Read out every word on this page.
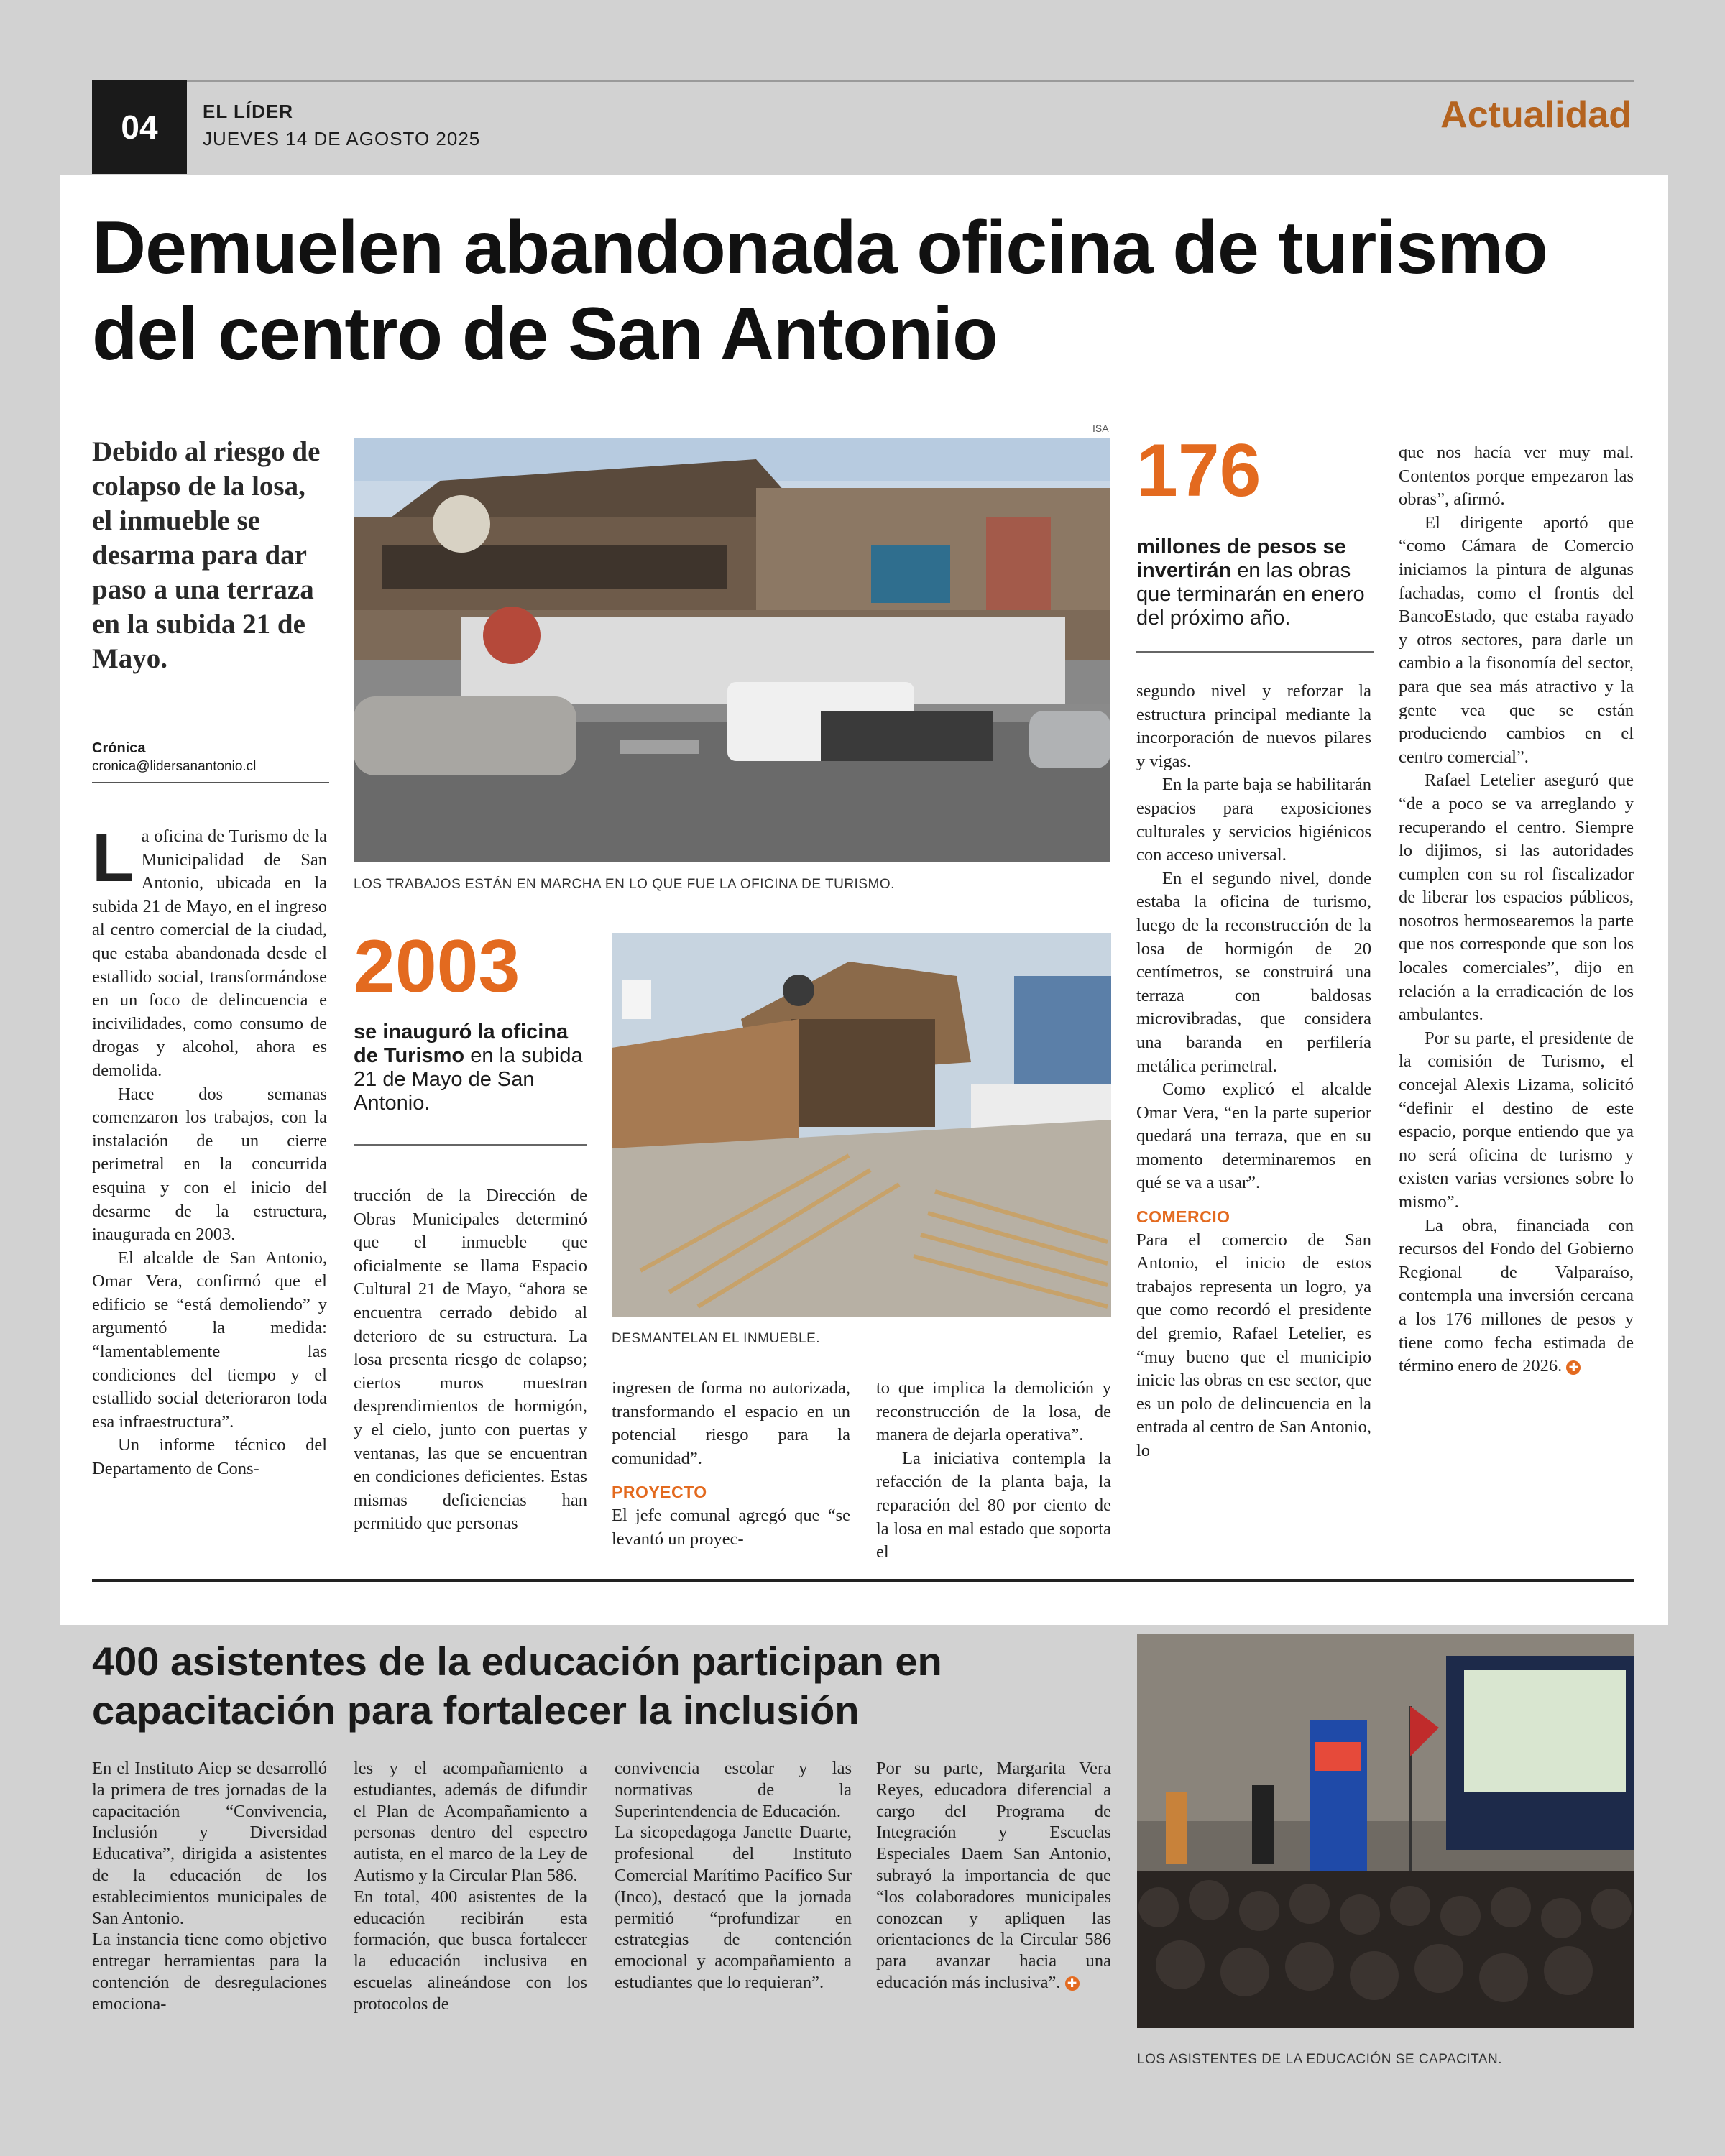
04	EL LÍDER
JUEVES 14 DE AGOSTO 2025
Actualidad
Demuelen abandonada oficina de turismo del centro de San Antonio
Debido al riesgo de colapso de la losa, el inmueble se desarma para dar paso a una terraza en la subida 21 de Mayo.
Crónica
cronica@lidersanantonio.cl
ISA
LOS TRABAJOS ESTÁN EN MARCHA EN LO QUE FUE LA OFICINA DE TURISMO.
2003
se inauguró la oficina de Turismo en la subida 21 de Mayo de San Antonio.
DESMANTELAN EL INMUEBLE.
176
millones de pesos se invertirán en las obras que terminarán en enero del próximo año.

La oficina de Turismo de la Municipalidad de San Antonio, ubicada en la subida 21 de Mayo, en el ingreso al centro comercial de la ciudad, que estaba abandonada desde el estallido social, transformándose en un foco de delincuencia e incivilidades, como consumo de drogas y alcohol, ahora es demolida.

Hace dos semanas comenzaron los trabajos, con la instalación de un cierre perimetral en la concurrida esquina y con el inicio del desarme de la estructura, inaugurada en 2003.

El alcalde de San Antonio, Omar Vera, confirmó que el edificio se “está demoliendo” y argumentó la medida: “lamentablemente las condiciones del tiempo y el estallido social deterioraron toda esa infraestructura”.

Un informe técnico del Departamento de Cons-

trucción de la Dirección de Obras Municipales determinó que el inmueble que oficialmente se llama Espacio Cultural 21 de Mayo, “ahora se encuentra cerrado debido al deterioro de su estructura. La losa presenta riesgo de colapso; ciertos muros muestran desprendimientos de hormigón, y el cielo, junto con puertas y ventanas, las que se encuentran en condiciones deficientes. Estas mismas deficiencias han permitido que personas

ingresen de forma no autorizada, transformando el espacio en un potencial riesgo para la comunidad”.

PROYECTO

El jefe comunal agregó que “se levantó un proyec-

to que implica la demolición y reconstrucción de la losa, de manera de dejarla operativa”.

La iniciativa contempla la refacción de la planta baja, la reparación del 80 por ciento de la losa en mal estado que soporta el

segundo nivel y reforzar la estructura principal mediante la incorporación de nuevos pilares y vigas.

En la parte baja se habilitarán espacios para exposiciones culturales y servicios higiénicos con acceso universal.

En el segundo nivel, donde estaba la oficina de turismo, luego de la reconstrucción de la losa de hormigón de 20 centímetros, se construirá una terraza con baldosas microvibradas, que considera una baranda en perfilería metálica perimetral.

Como explicó el alcalde Omar Vera, “en la parte superior quedará una terraza, que en su momento determinaremos en qué se va a usar”.

COMERCIO

Para el comercio de San Antonio, el inicio de estos trabajos representa un logro, ya que como recordó el presidente del gremio, Rafael Letelier, es “muy bueno que el municipio inicie las obras en ese sector, que es un polo de delincuencia en la entrada al centro de San Antonio, lo

que nos hacía ver muy mal. Contentos porque empezaron las obras”, afirmó.

El dirigente aportó que “como Cámara de Comercio iniciamos la pintura de algunas fachadas, como el frontis del BancoEstado, que estaba rayado y otros sectores, para darle un cambio a la fisonomía del sector, para que sea más atractivo y la gente vea que se están produciendo cambios en el centro comercial”.

Rafael Letelier aseguró que “de a poco se va arreglando y recuperando el centro. Siempre lo dijimos, si las autoridades cumplen con su rol fiscalizador de liberar los espacios públicos, nosotros hermosearemos la parte que nos corresponde que son los locales comerciales”, dijo en relación a la erradicación de los ambulantes.

Por su parte, el presidente de la comisión de Turismo, el concejal Alexis Lizama, solicitó “definir el destino de este espacio, porque entiendo que ya no será oficina de turismo y existen varias versiones sobre lo mismo”.

La obra, financiada con recursos del Fondo del Gobierno Regional de Valparaíso, contempla una inversión cercana a los 176 millones de pesos y tiene como fecha estimada de término enero de 2026. ✚

400 asistentes de la educación participan en capacitación para fortalecer la inclusión

En el Instituto Aiep se desarrolló la primera de tres jornadas de la capacitación “Convivencia, Inclusión y Diversidad Educativa”, dirigida a asistentes de la educación de los establecimientos municipales de San Antonio.

La instancia tiene como objetivo entregar herramientas para la contención de desregulaciones emociona-

les y el acompañamiento a estudiantes, además de difundir el Plan de Acompañamiento a personas dentro del espectro autista, en el marco de la Ley de Autismo y la Circular Plan 586.

En total, 400 asistentes de la educación recibirán esta formación, que busca fortalecer la educación inclusiva en escuelas alineándose con los protocolos de

convivencia escolar y las normativas de la Superintendencia de Educación.

La sicopedagoga Janette Duarte, profesional del Instituto Comercial Marítimo Pacífico Sur (Inco), destacó que la jornada permitió “profundizar en estrategias de contención emocional y acompañamiento a estudiantes que lo requieran”.

Por su parte, Margarita Vera Reyes, educadora diferencial a cargo del Programa de Integración y Escuelas Especiales Daem San Antonio, subrayó la importancia de que “los colaboradores municipales conozcan y apliquen las orientaciones de la Circular 586 para avanzar hacia una educación más inclusiva”. ✚

LOS ASISTENTES DE LA EDUCACIÓN SE CAPACITAN.
